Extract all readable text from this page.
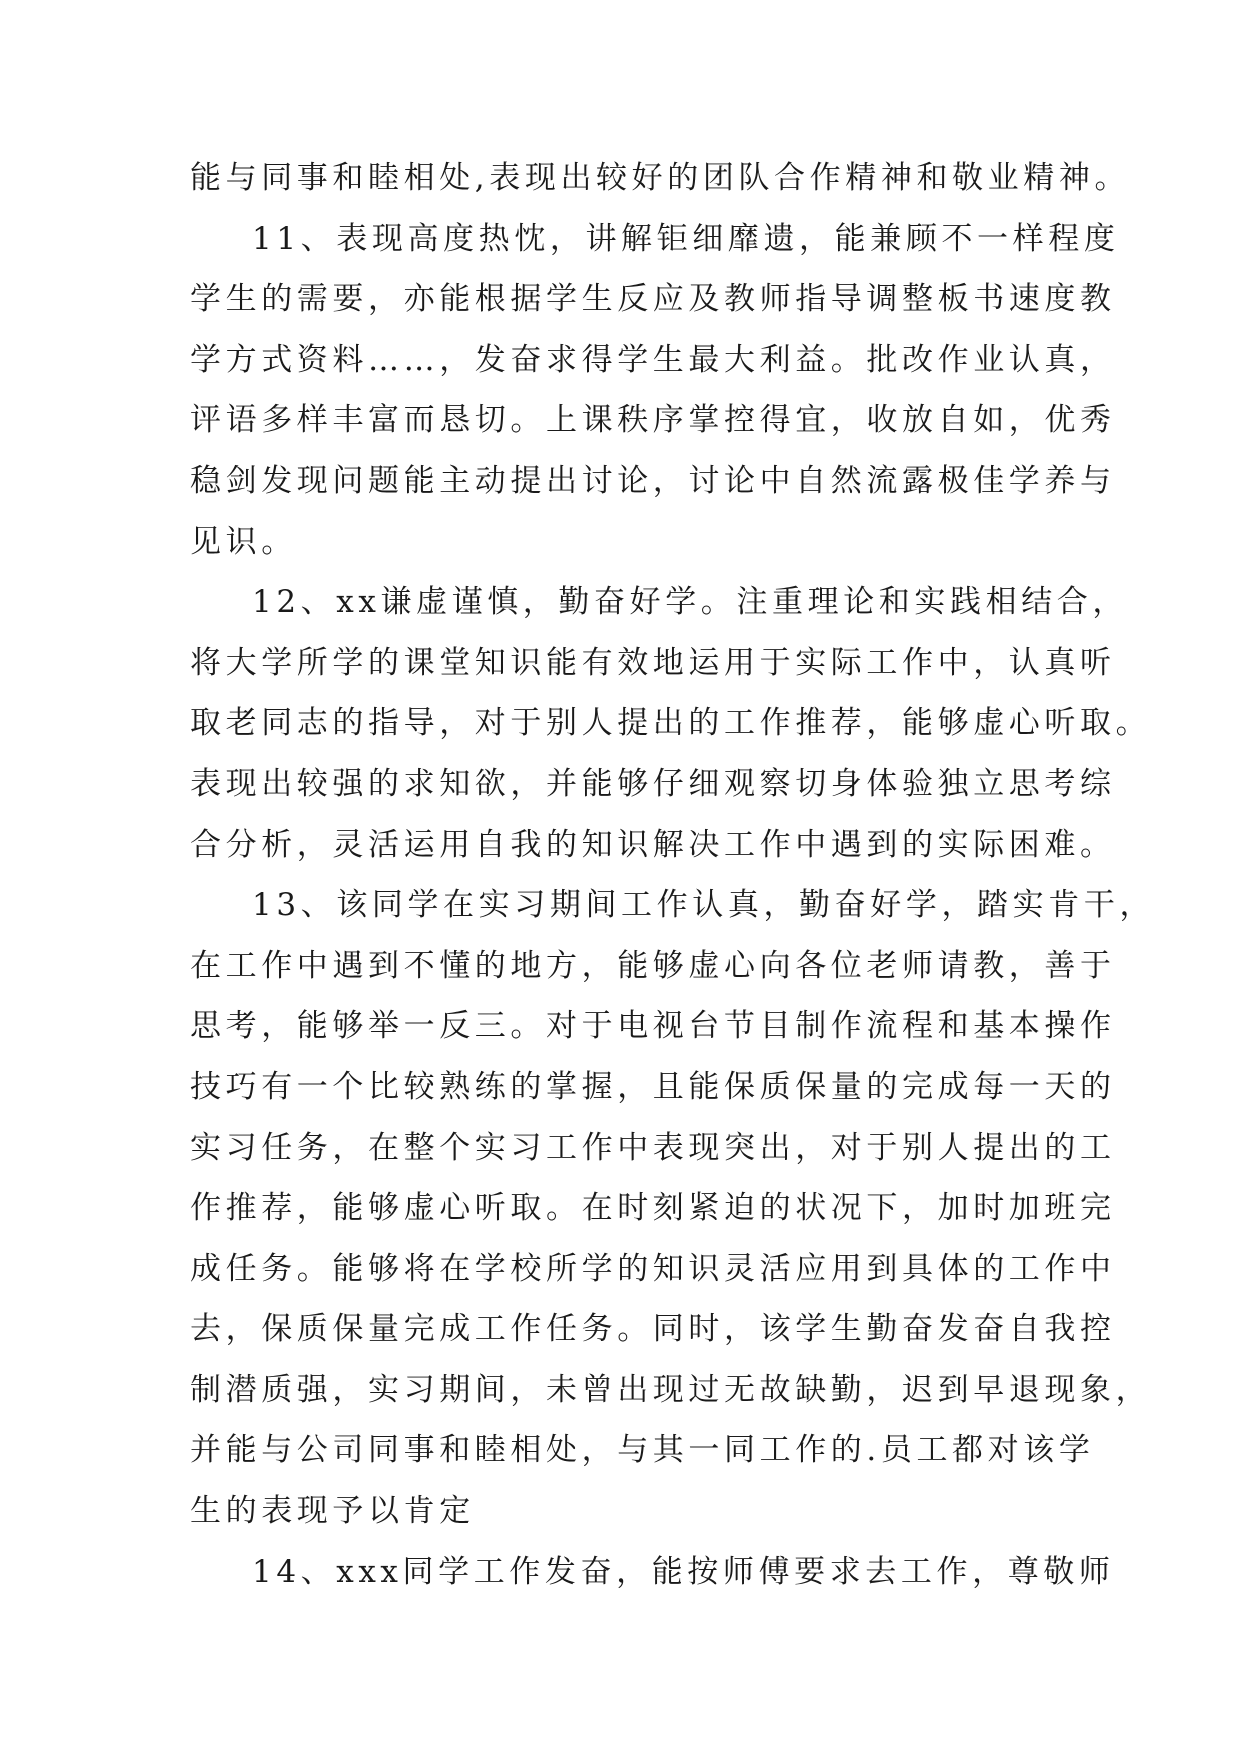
能与同事和睦相处,表现出较好的团队合作精神和敬业精神。
11、表现高度热忱，讲解钜细靡遗，能兼顾不一样程度
学生的需要，亦能根据学生反应及教师指导调整板书速度教
学方式资料……，发奋求得学生最大利益。批改作业认真，
评语多样丰富而恳切。上课秩序掌控得宜，收放自如，优秀
稳剑发现问题能主动提出讨论，讨论中自然流露极佳学养与
见识。
12、xx谦虚谨慎，勤奋好学。注重理论和实践相结合，
将大学所学的课堂知识能有效地运用于实际工作中，认真听
取老同志的指导，对于别人提出的工作推荐，能够虚心听取。
表现出较强的求知欲，并能够仔细观察切身体验独立思考综
合分析，灵活运用自我的知识解决工作中遇到的实际困难。
13、该同学在实习期间工作认真，勤奋好学，踏实肯干，
在工作中遇到不懂的地方，能够虚心向各位老师请教，善于
思考，能够举一反三。对于电视台节目制作流程和基本操作
技巧有一个比较熟练的掌握，且能保质保量的完成每一天的
实习任务，在整个实习工作中表现突出，对于别人提出的工
作推荐，能够虚心听取。在时刻紧迫的状况下，加时加班完
成任务。能够将在学校所学的知识灵活应用到具体的工作中
去，保质保量完成工作任务。同时，该学生勤奋发奋自我控
制潜质强，实习期间，未曾出现过无故缺勤，迟到早退现象，
并能与公司同事和睦相处，与其一同工作的.员工都对该学
生的表现予以肯定
14、xxx同学工作发奋，能按师傅要求去工作，尊敬师
